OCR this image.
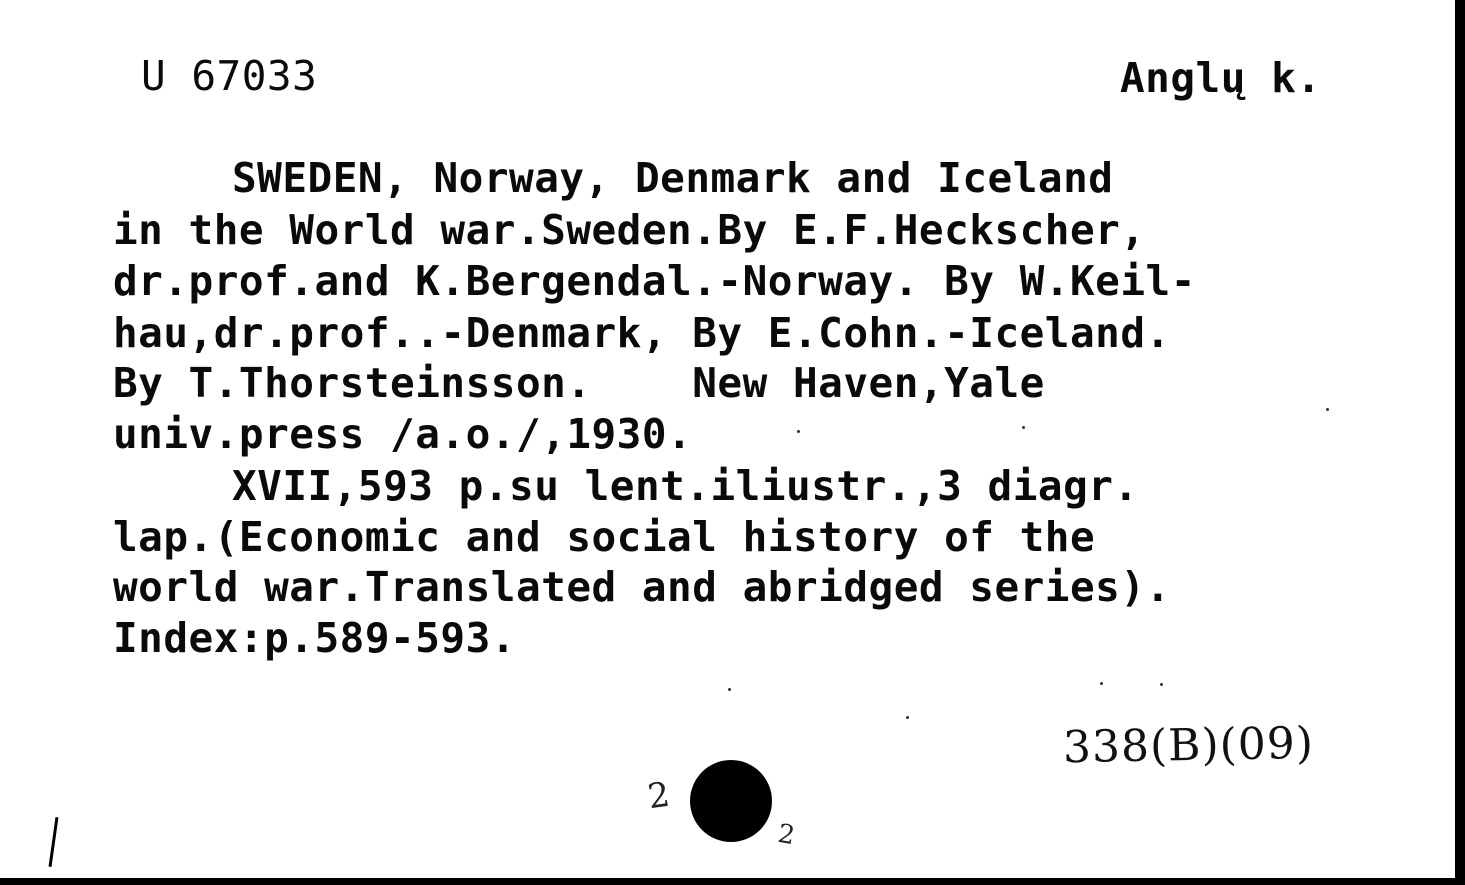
U 67033	Anglų k.
SWEDEN, Norway, Denmark and Iceland
in the World war.Sweden.By E.F.Heckscher,
dr.prof.and K.Bergendal.-Norway. By W.Keil-
hau,dr.prof..-Denmark, By E.Cohn.-Iceland.
By T.Thorsteinsson.    New Haven,Yale
univ.press /a.o./,1930.
XVII,593 p.su lent.iliustr.,3 diagr.
lap.(Economic and social history of the
world war.Translated and abridged series).
Index:p.589-593.
338(B)(09)
2
2
